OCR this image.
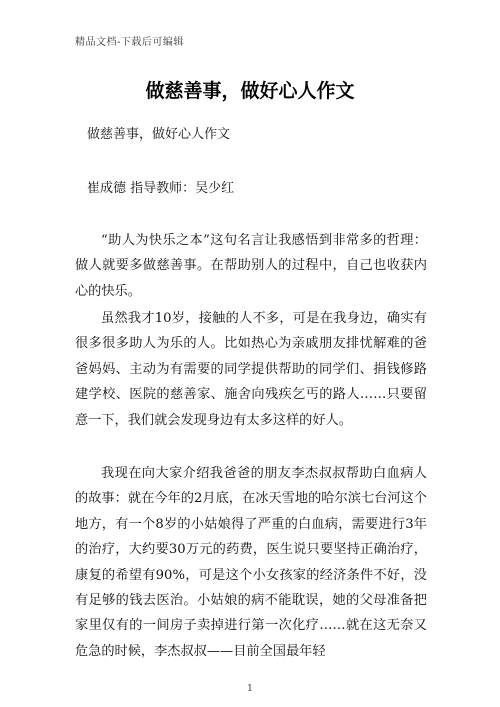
精品文档-下载后可编辑
做慈善事，做好心人作文
做慈善事，做好心人作文
崔成德 指导教师：吴少红

“助人为快乐之本”这句名言让我感悟到非常多的哲理：做人就要多做慈善事。在帮助别人的过程中，自己也收获内心的快乐。

虽然我才10岁，接触的人不多，可是在我身边，确实有很多很多助人为乐的人。比如热心为亲戚朋友排忧解难的爸爸妈妈、主动为有需要的同学提供帮助的同学们、捐钱修路建学校、医院的慈善家、施舍向残疾乞丐的路人……只要留意一下，我们就会发现身边有太多这样的好人。

我现在向大家介绍我爸爸的朋友李杰叔叔帮助白血病人的故事：就在今年的2月底，在冰天雪地的哈尔滨七台河这个地方，有一个8岁的小姑娘得了严重的白血病，需要进行3年的治疗，大约要30万元的药费，医生说只要坚持正确治疗，康复的希望有90%，可是这个小女孩家的经济条件不好，没有足够的钱去医治。小姑娘的病不能耽误，她的父母准备把家里仅有的一间房子卖掉进行第一次化疗……就在这无奈又危急的时候，李杰叔叔——目前全国最年轻

1
